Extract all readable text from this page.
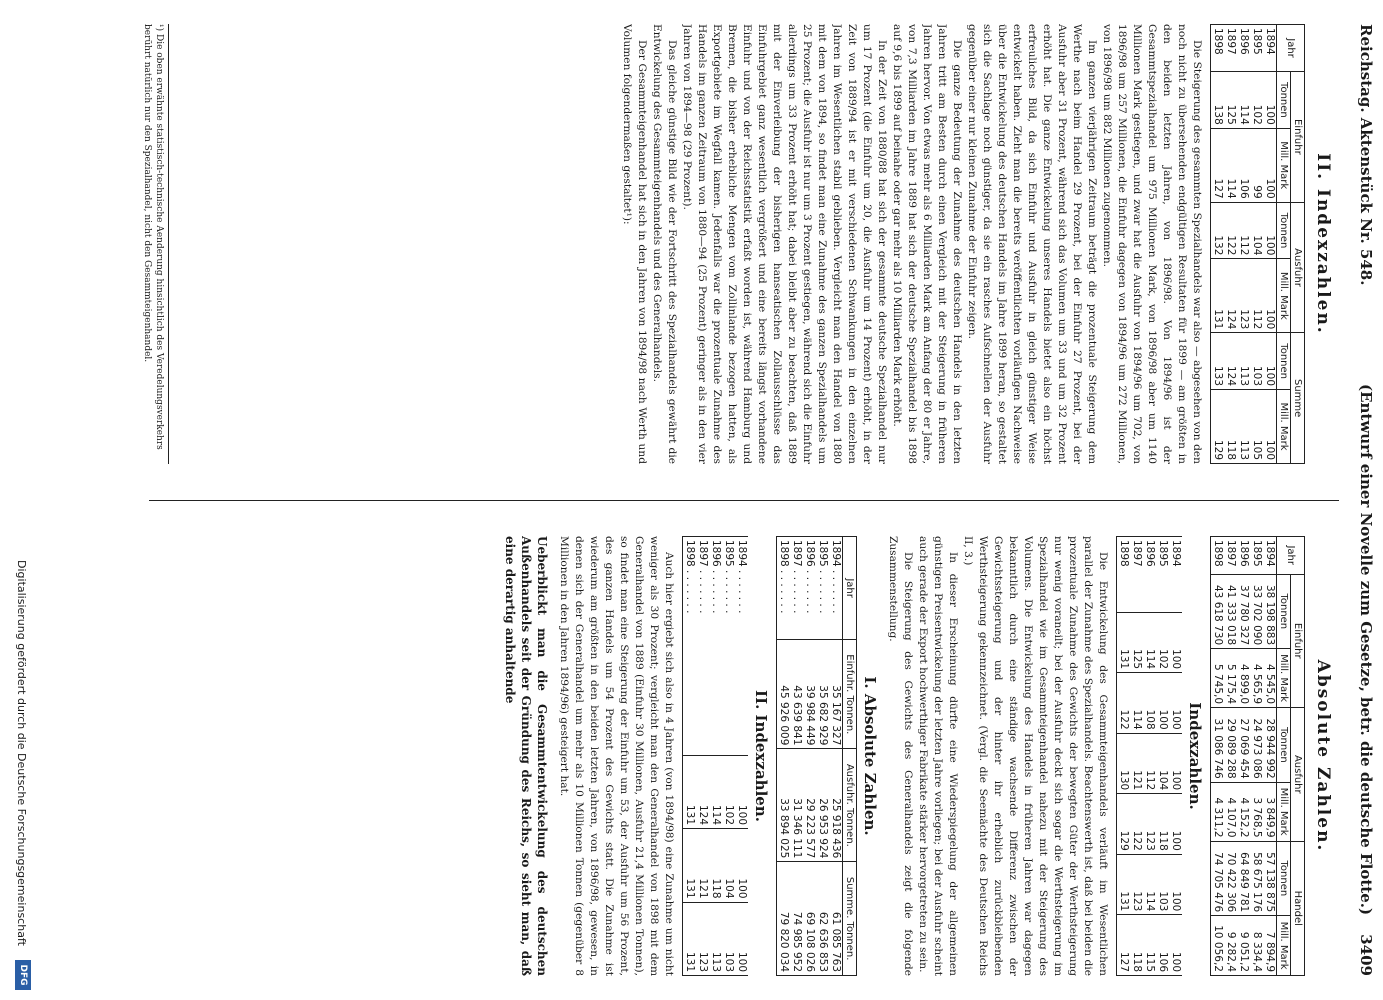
Reichstag. Aktenstück Nr. 548.
(Entwurf einer Novelle zum Gesetze, betr. die deutsche Flotte.)
3409
II. Indexzahlen.
Jahr	Einfuhr		Ausfuhr		Summe	
	Tonnen	Mill. Mark	Tonnen	Mill. Mark	Tonnen	Mill. Mark
1894	100	100	100	100	100	100
1895	102	99	104	112	103	105
1896	114	106	112	123	113	113
1897	125	114	122	124	124	118
1898	138	127	132	131	133	129

Die Steigerung des gesammten Spezialhandels war also — abgesehen von den noch nicht zu übersehenden endgültigen Resultaten für 1899 — am größten in den beiden letzten Jahren, von 1896/98. Von 1894/96 ist der Gesammtspezialhandel um 975 Millionen Mark, von 1896/98 aber um 1140 Millionen Mark gestiegen, und zwar hat die Ausfuhr von 1894/96 um 702, von 1896/98 um 257 Millionen, die Einfuhr dagegen von 1894/96 um 272 Millionen, von 1896/98 um 882 Millionen zugenommen.

Im ganzen vierjährigen Zeitraum beträgt die prozentuale Steigerung dem Werthe nach beim Handel 29 Prozent, bei der Einfuhr 27 Prozent, bei der Ausfuhr aber 31 Prozent, während sich das Volumen um 33 und um 32 Prozent erhöht hat. Die ganze Entwickelung unseres Handels bietet also ein höchst erfreuliches Bild, da sich Einfuhr und Ausfuhr in gleich günstiger Weise entwickelt haben. Zieht man die bereits veröffentlichten vorläufigen Nachweise über die Entwickelung des deutschen Handels im Jahre 1899 heran, so gestaltet sich die Sachlage noch günstiger, da sie ein rasches Aufschnellen der Ausfuhr gegenüber einer nur kleinen Zunahme der Einfuhr zeigen.

Die ganze Bedeutung der Zunahme des deutschen Handels in den letzten Jahren tritt am Besten durch einen Vergleich mit der Steigerung in früheren Jahren hervor. Von etwas mehr als 6 Milliarden Mark am Anfang der 80 er Jahre, von 7,3 Milliarden im Jahre 1889 hat sich der deutsche Spezialhandel bis 1898 auf 9,6 bis 1899 auf beinahe oder gar mehr als 10 Milliarden Mark erhöht.

In der Zeit von 1880/88 hat sich der gesammte deutsche Spezialhandel nur um 17 Prozent (die Einfuhr um 20, die Ausfuhr um 14 Prozent) erhöht, in der Zeit von 1889/94 ist er mit verschiedenen Schwankungen in den einzelnen Jahren im Wesentlichen stabil geblieben. Vergleicht man den Handel von 1880 mit dem von 1894, so findet man eine Zunahme des ganzen Spezialhandels um 25 Prozent; die Ausfuhr ist nur um 3 Prozent gestiegen, während sich die Einfuhr allerdings um 33 Prozent erhöht hat; dabei bleibt aber zu beachten, daß 1889 mit der Einverleibung der bisherigen hanseatischen Zollausschlüsse das Einfuhrgebiet ganz wesentlich vergrößert und eine bereits längst vorhandene Einfuhr und von der Reichsstatistik erfaßt worden ist, während Hamburg und Bremen, die bisher erhebliche Mengen vom Zollinlande bezogen hatten, als Exportgebiete im Wegfall kamen. Jedenfalls war die prozentuale Zunahme des Handels im ganzen Zeitraum von 1880—94 (25 Prozent) geringer als in den vier Jahren von 1894—98 (29 Prozent).

Das gleiche günstige Bild wie der Fortschritt des Spezialhandels gewährt die Entwickelung des Gesammteigenhandels und des Generalhandels.

Der Gesammteigenhandel hat sich in den Jahren von 1894/98 nach Werth und Volumen folgendermaßen gestaltet¹):

¹) Die oben erwähnte statistisch-technische Aenderung hinsichtlich des Veredelungsverkehrs berührt natürlich nur den Spezialhandel, nicht den Gesammteigenhandel.
Absolute Zahlen.
Jahr	Einfuhr		Ausfuhr		Handel	
	Tonnen	Mill. Mark	Tonnen	Mill. Mark	Tonnen	Mill. Mark
1894	38 198 883	4 545,0	28 944 992	3 849,9	57 138 875	7 894,9
1895	33 702 090	4 565,9	24 973 086	3 768,5	58 675 176	8 334,4
1896	37 780 327	4 899,0	27 069 454	4 152,2	64 849 781	9 051,2
1897	41 333 018	5 175,4	29 089 288	4 107,0	70 422 306	9 282,4
1898	43 618 730	5 745,0	31 086 746	4 311,2	74 705 476	10 056,2
Indexzahlen.
1894	100	100	100	100	100	100
1895	102	100	104	118	103	106
1896	114	108	112	123	114	115
1897	125	114	121	122	123	118
1898	131	122	130	129	131	127

Die Entwickelung des Gesammteigenhandels verläuft im Wesentlichen parallel der Zunahme des Spezialhandels. Beachtenswerth ist, daß bei beiden die prozentuale Zunahme des Gewichts der bewegten Güter der Werthsteigerung nur wenig voraneilt; bei der Ausfuhr deckt sich sogar die Werthsteigerung im Spezialhandel wie im Gesammteigenhandel nahezu mit der Steigerung des Volumens. Die Entwickelung des Handels in früheren Jahren war dagegen bekanntlich durch eine ständige wachsende Differenz zwischen der Gewichtssteigerung und der hinter ihr erheblich zurückbleibenden Werthsteigerung gekennzeichnet. (Vergl. die Seemächte des Deutschen Reichs II, 3.)

In dieser Erscheinung dürfte eine Wiederspiegelung der allgemeinen günstigen Preisentwickelung der letzten Jahre vorliegen; bei der Ausfuhr scheint auch gerade der Export hochwerthiger Fabrikate stärker hervorgetreten zu sein.

Die Steigerung des Gewichts des Generalhandels zeigt die folgende Zusammenstellung.

I. Absolute Zahlen.
Jahr	Einfuhr. Tonnen.	Ausfuhr. Tonnen.	Summe. Tonnen.
1894 . . . . . . .	35 167 327	25 918 436	61 085 763
1895 . . . . . . .	35 682 929	26 953 924	62 636 853
1896 . . . . . . .	39 984 449	29 223 577	69 108 026
1897 . . . . . . .	43 639 841	31 346 111	74 985 952
1898 . . . . . . .	45 926 009	33 894 025	79 820 034
II. Indexzahlen.
1894 . . . . . . .	100	100	100
1895 . . . . . . .	102	104	103
1896 . . . . . . .	114	118	113
1897 . . . . . . .	124	121	123
1898 . . . . . . .	131	131	131

Auch hier ergiebt sich also in 4 Jahren (von 1894/98) eine Zunahme um nicht weniger als 30 Prozent; vergleicht man den Generalhandel von 1898 mit dem Generalhandel von 1889 (Einfuhr 30 Millionen, Ausfuhr 21,4 Millionen Tonnen), so findet man eine Steigerung der Einfuhr um 53, der Ausfuhr um 56 Prozent, des ganzen Handels um 54 Prozent des Gewichts statt. Die Zunahme ist wiederum am größten in den beiden letzten Jahren, von 1896/98, gewesen, in denen sich der Generalhandel um mehr als 10 Millionen Tonnen (gegenüber 8 Millionen in den Jahren 1894/96) gesteigert hat.

Ueberblickt man die Gesammtentwickelung des deutschen Außenhandels seit der Gründung des Reichs, so sieht man, daß eine derartig anhaltende
Digitalisierung gefördert durch die Deutsche Forschungsgemeinschaft
DFG
